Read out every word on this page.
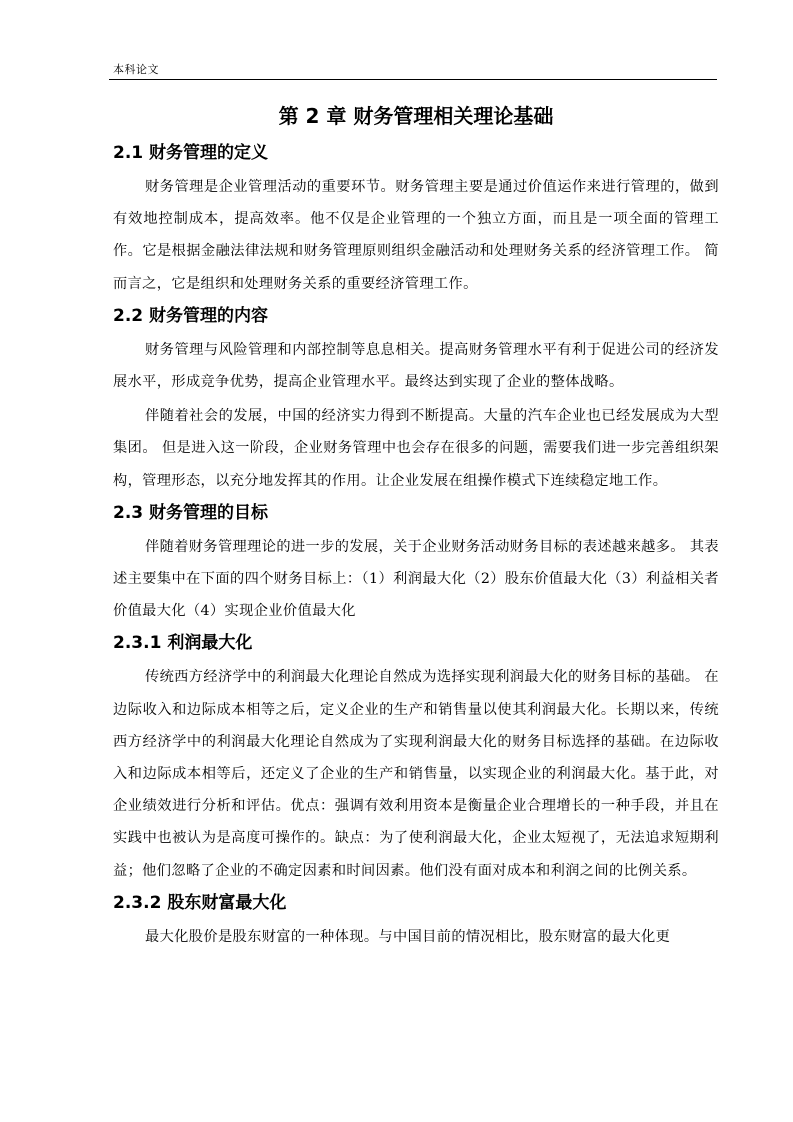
本科论文
第 2 章 财务管理相关理论基础
2.1 财务管理的定义

财务管理是企业管理活动的重要环节。财务管理主要是通过价值运作来进行管理的，做到有效地控制成本，提高效率。他不仅是企业管理的一个独立方面，而且是一项全面的管理工作。它是根据金融法律法规和财务管理原则组织金融活动和处理财务关系的经济管理工作。 简而言之，它是组织和处理财务关系的重要经济管理工作。

2.2 财务管理的内容

财务管理与风险管理和内部控制等息息相关。提高财务管理水平有利于促进公司的经济发展水平，形成竞争优势，提高企业管理水平。最终达到实现了企业的整体战略。

伴随着社会的发展，中国的经济实力得到不断提高。大量的汽车企业也已经发展成为大型集团。 但是进入这一阶段，企业财务管理中也会存在很多的问题，需要我们进一步完善组织架构，管理形态，以充分地发挥其的作用。让企业发展在组操作模式下连续稳定地工作。

2.3 财务管理的目标

伴随着财务管理理论的进一步的发展，关于企业财务活动财务目标的表述越来越多。 其表述主要集中在下面的四个财务目标上：（1）利润最大化（2）股东价值最大化（3）利益相关者价值最大化（4）实现企业价值最大化

2.3.1 利润最大化

传统西方经济学中的利润最大化理论自然成为选择实现利润最大化的财务目标的基础。 在边际收入和边际成本相等之后，定义企业的生产和销售量以使其利润最大化。长期以来，传统西方经济学中的利润最大化理论自然成为了实现利润最大化的财务目标选择的基础。在边际收入和边际成本相等后，还定义了企业的生产和销售量，以实现企业的利润最大化。基于此，对企业绩效进行分析和评估。优点：强调有效利用资本是衡量企业合理增长的一种手段，并且在实践中也被认为是高度可操作的。缺点：为了使利润最大化，企业太短视了，无法追求短期利益；他们忽略了企业的不确定因素和时间因素。他们没有面对成本和利润之间的比例关系。

2.3.2 股东财富最大化

最大化股价是股东财富的一种体现。与中国目前的情况相比，股东财富的最大化更
